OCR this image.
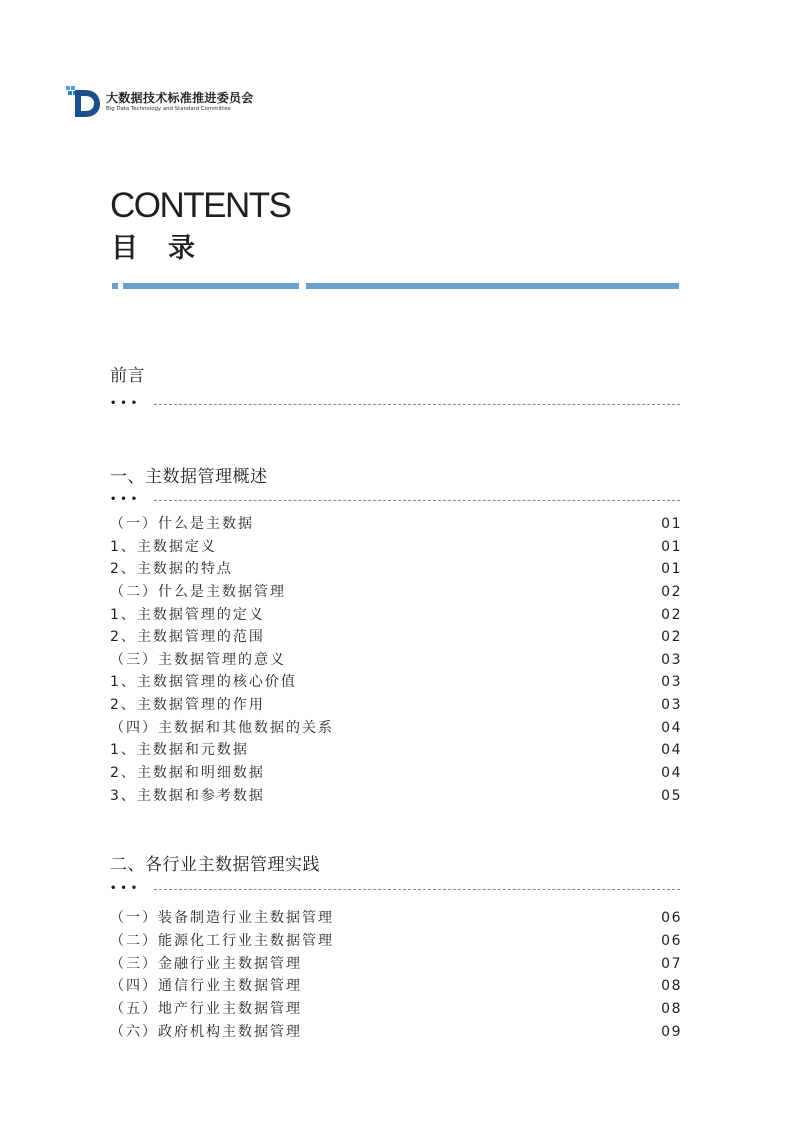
大数据技术标准推进委员会
Big Data Technology and Standard Committee
CONTENTS
目录
前言
•••
一、主数据管理概述
•••
（一）什么是主数据	01
1、主数据定义	01
2、主数据的特点	01
（二）什么是主数据管理	02
1、主数据管理的定义	02
2、主数据管理的范围	02
（三）主数据管理的意义	03
1、主数据管理的核心价值	03
2、主数据管理的作用	03
（四）主数据和其他数据的关系	04
1、主数据和元数据	04
2、主数据和明细数据	04
3、主数据和参考数据	05
二、各行业主数据管理实践
•••
（一）装备制造行业主数据管理	06
（二）能源化工行业主数据管理	06
（三）金融行业主数据管理	07
（四）通信行业主数据管理	08
（五）地产行业主数据管理	08
（六）政府机构主数据管理	09
